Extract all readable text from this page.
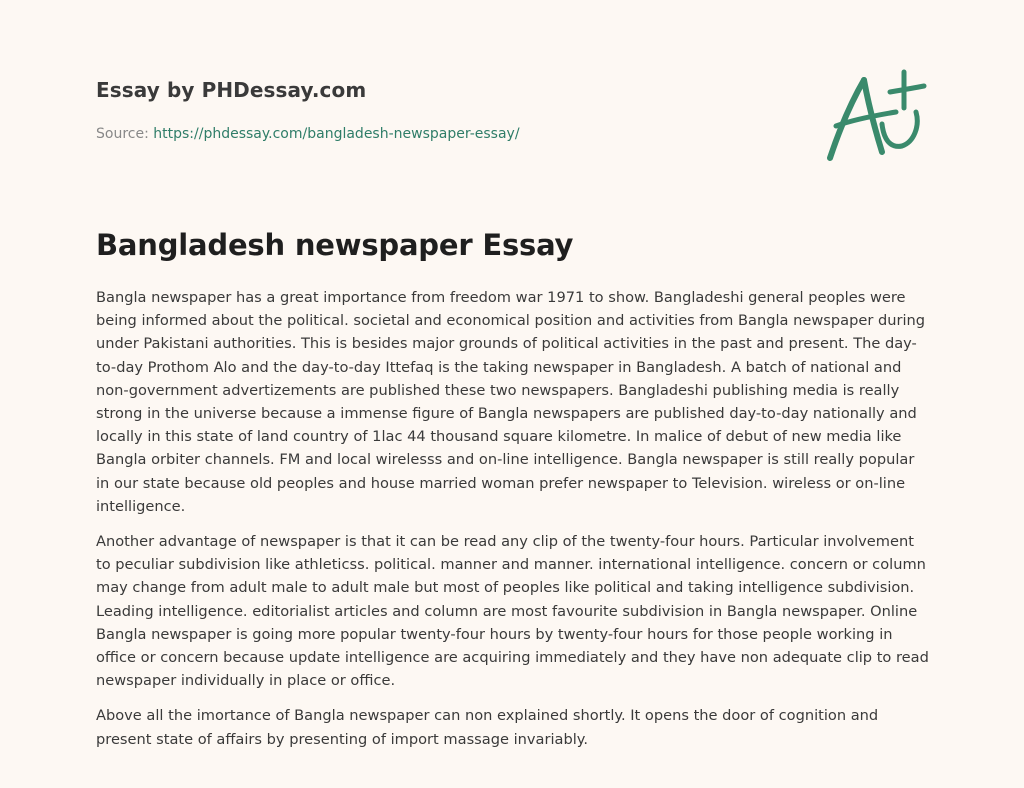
Essay by PHDessay.com
Source: https://phdessay.com/bangladesh-newspaper-essay/
Bangladesh newspaper Essay

Bangla newspaper has a great importance from freedom war 1971 to show. Bangladeshi general peoples were being informed about the political. societal and economical position and activities from Bangla newspaper during under Pakistani authorities. This is besides major grounds of political activities in the past and present. The day-to-day Prothom Alo and the day-to-day Ittefaq is the taking newspaper in Bangladesh. A batch of national and non-government advertizements are published these two newspapers. Bangladeshi publishing media is really strong in the universe because a immense figure of Bangla newspapers are published day-to-day nationally and locally in this state of land country of 1lac 44 thousand square kilometre. In malice of debut of new media like Bangla orbiter channels. FM and local wirelesss and on-line intelligence. Bangla newspaper is still really popular in our state because old peoples and house married woman prefer newspaper to Television. wireless or on-line intelligence.

Another advantage of newspaper is that it can be read any clip of the twenty-four hours. Particular involvement to peculiar subdivision like athleticss. political. manner and manner. international intelligence. concern or column may change from adult male to adult male but most of peoples like political and taking intelligence subdivision. Leading intelligence. editorialist articles and column are most favourite subdivision in Bangla newspaper. Online Bangla newspaper is going more popular twenty-four hours by twenty-four hours for those people working in office or concern because update intelligence are acquiring immediately and they have non adequate clip to read newspaper individually in place or office.

Above all the imortance of Bangla newspaper can non explained shortly. It opens the door of cognition and present state of affairs by presenting of import massage invariably.
